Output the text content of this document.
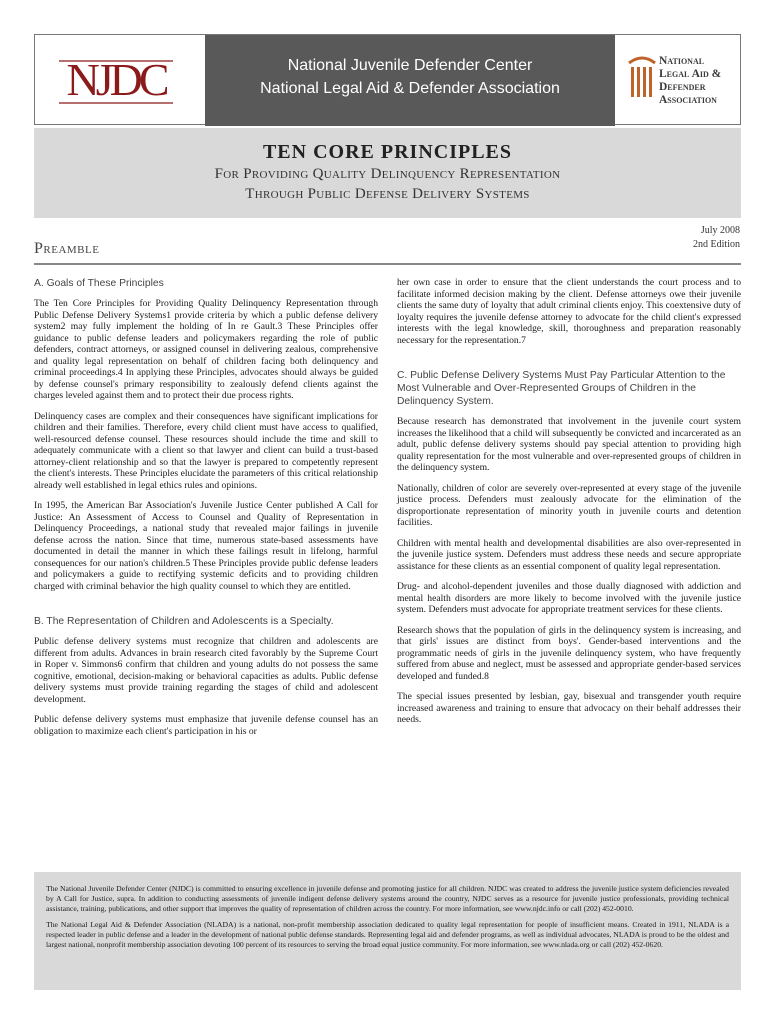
NJDC	National Juvenile Defender Center
National Legal Aid & Defender Association
National
Legal Aid &
Defender
Association
TEN CORE PRINCIPLES
For Providing Quality Delinquency Representation
Through Public Defense Delivery Systems
July 2008
2nd Edition
Preamble
A. Goals of These Principles

The Ten Core Principles for Providing Quality Delinquency Representation through Public Defense Delivery Systems1 provide criteria by which a public defense delivery system2 may fully implement the holding of In re Gault.3 These Principles offer guidance to public defense leaders and policymakers regarding the role of public defenders, contract attorneys, or assigned counsel in delivering zealous, comprehensive and quality legal representation on behalf of children facing both delinquency and criminal proceedings.4 In applying these Principles, advocates should always be guided by defense counsel's primary responsibility to zealously defend clients against the charges leveled against them and to protect their due process rights.

Delinquency cases are complex and their consequences have significant implications for children and their families. Therefore, every child client must have access to qualified, well-resourced defense counsel. These resources should include the time and skill to adequately communicate with a client so that lawyer and client can build a trust-based attorney-client relationship and so that the lawyer is prepared to competently represent the client's interests. These Principles elucidate the parameters of this critical relationship already well established in legal ethics rules and opinions.

In 1995, the American Bar Association's Juvenile Justice Center published A Call for Justice: An Assessment of Access to Counsel and Quality of Representation in Delinquency Proceedings, a national study that revealed major failings in juvenile defense across the nation. Since that time, numerous state-based assessments have documented in detail the manner in which these failings result in lifelong, harmful consequences for our nation's children.5 These Principles provide public defense leaders and policymakers a guide to rectifying systemic deficits and to providing children charged with criminal behavior the high quality counsel to which they are entitled.

B. The Representation of Children and Adolescents is a Specialty.

Public defense delivery systems must recognize that children and adolescents are different from adults. Advances in brain research cited favorably by the Supreme Court in Roper v. Simmons6 confirm that children and young adults do not possess the same cognitive, emotional, decision-making or behavioral capacities as adults. Public defense delivery systems must provide training regarding the stages of child and adolescent development.

Public defense delivery systems must emphasize that juvenile defense counsel has an obligation to maximize each client's participation in his or

her own case in order to ensure that the client understands the court process and to facilitate informed decision making by the client. Defense attorneys owe their juvenile clients the same duty of loyalty that adult criminal clients enjoy. This coextensive duty of loyalty requires the juvenile defense attorney to advocate for the child client's expressed interests with the legal knowledge, skill, thoroughness and preparation reasonably necessary for the representation.7

C. Public Defense Delivery Systems Must Pay Particular Attention to the Most Vulnerable and Over-Represented Groups of Children in the Delinquency System.

Because research has demonstrated that involvement in the juvenile court system increases the likelihood that a child will subsequently be convicted and incarcerated as an adult, public defense delivery systems should pay special attention to providing high quality representation for the most vulnerable and over-represented groups of children in the delinquency system.

Nationally, children of color are severely over-represented at every stage of the juvenile justice process. Defenders must zealously advocate for the elimination of the disproportionate representation of minority youth in juvenile courts and detention facilities.

Children with mental health and developmental disabilities are also over-represented in the juvenile justice system. Defenders must address these needs and secure appropriate assistance for these clients as an essential component of quality legal representation.

Drug- and alcohol-dependent juveniles and those dually diagnosed with addiction and mental health disorders are more likely to become involved with the juvenile justice system. Defenders must advocate for appropriate treatment services for these clients.

Research shows that the population of girls in the delinquency system is increasing, and that girls' issues are distinct from boys'. Gender-based interventions and the programmatic needs of girls in the juvenile delinquency system, who have frequently suffered from abuse and neglect, must be assessed and appropriate gender-based services developed and funded.8

The special issues presented by lesbian, gay, bisexual and transgender youth require increased awareness and training to ensure that advocacy on their behalf addresses their needs.

The National Juvenile Defender Center (NJDC) is committed to ensuring excellence in juvenile defense and promoting justice for all children. NJDC was created to address the juvenile justice system deficiencies revealed by A Call for Justice, supra. In addition to conducting assessments of juvenile indigent defense delivery systems around the country, NJDC serves as a resource for juvenile justice professionals, providing technical assistance, training, publications, and other support that improves the quality of representation of children across the country. For more information, see www.njdc.info or call (202) 452-0010.

The National Legal Aid & Defender Association (NLADA) is a national, non-profit membership association dedicated to quality legal representation for people of insufficient means. Created in 1911, NLADA is a respected leader in public defense and a leader in the development of national public defense standards. Representing legal aid and defender programs, as well as individual advocates, NLADA is proud to be the oldest and largest national, nonprofit membership association devoting 100 percent of its resources to serving the broad equal justice community. For more information, see www.nlada.org or call (202) 452-0620.
